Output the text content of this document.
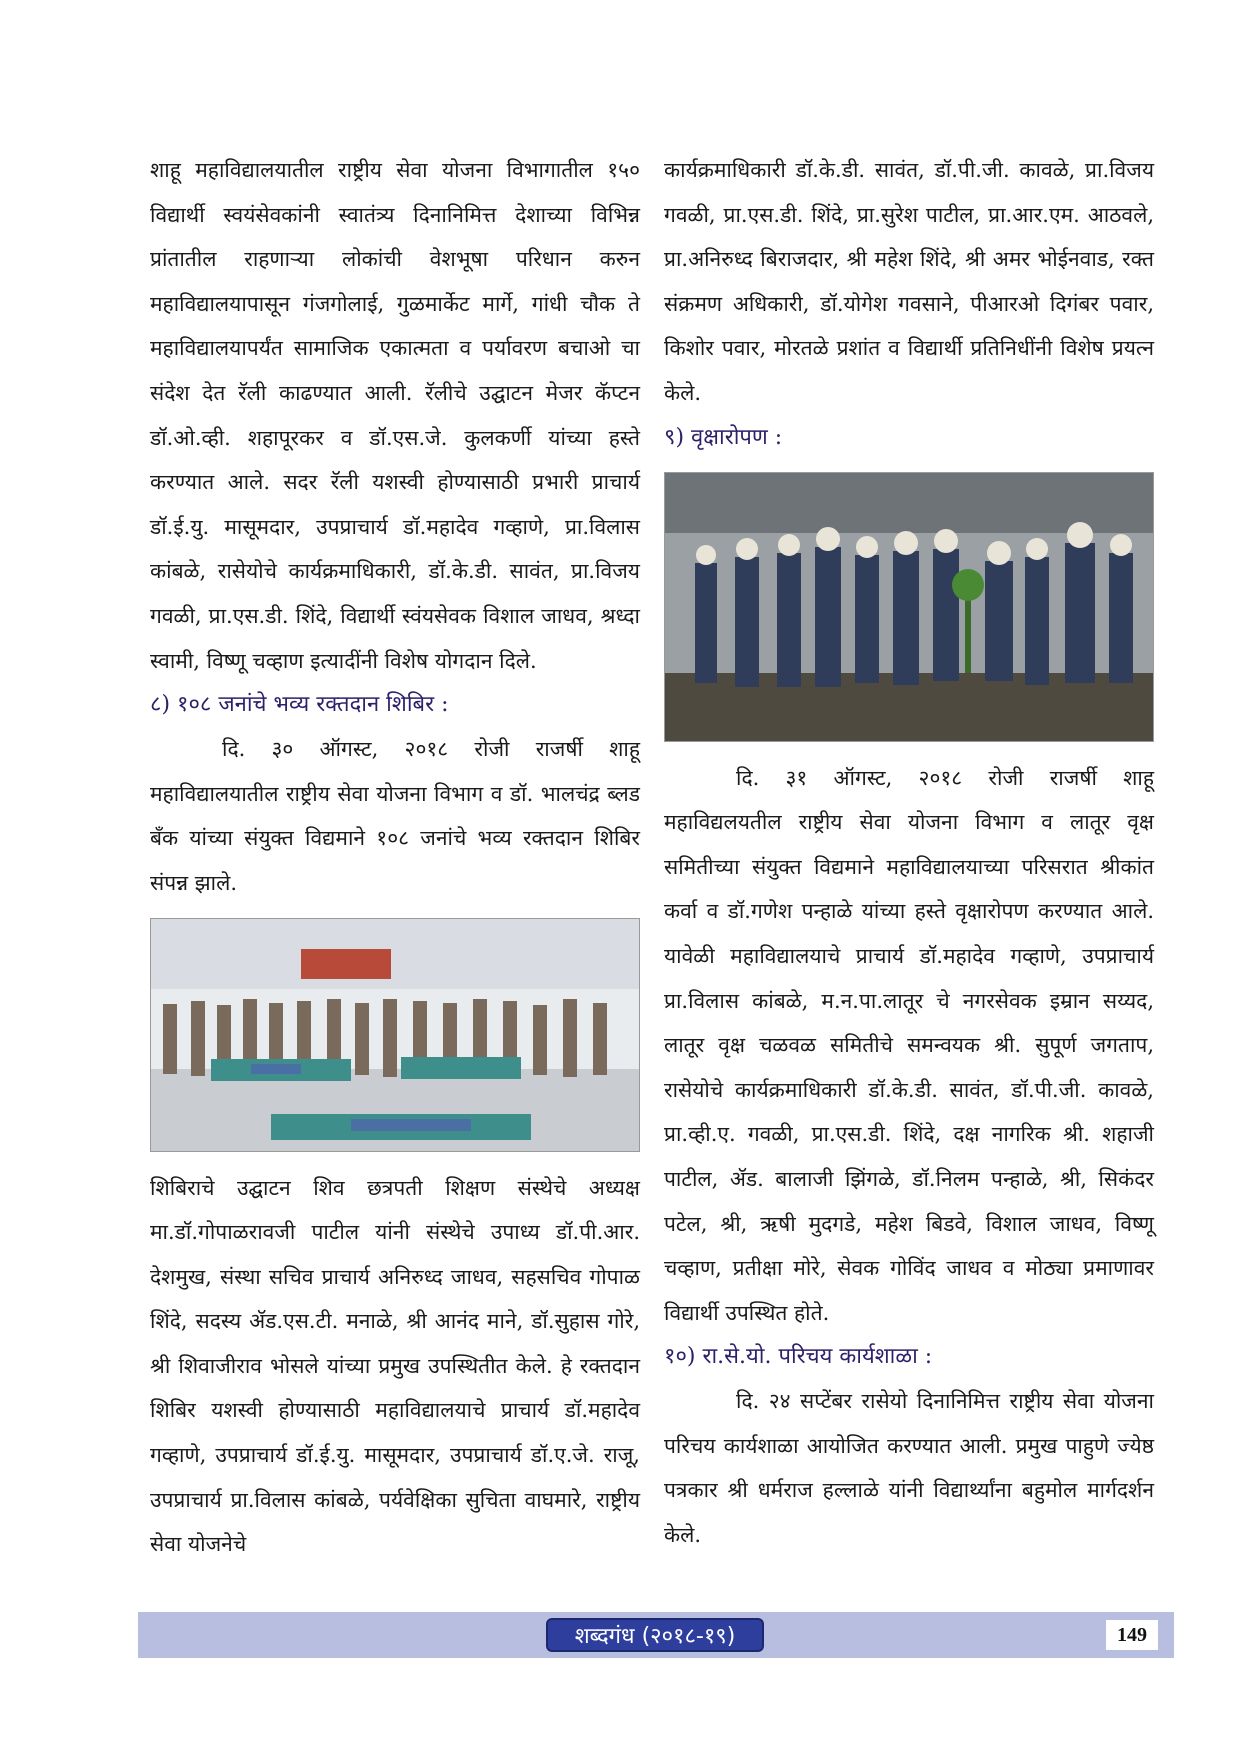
शाहू महाविद्यालयातील राष्ट्रीय सेवा योजना विभागातील १५० विद्यार्थी स्वयंसेवकांनी स्वातंत्र्य दिनानिमित्त देशाच्या विभिन्न प्रांतातील राहणाऱ्या लोकांची वेशभूषा परिधान करुन महाविद्यालयापासून गंजगोलाई, गुळमार्केट मार्गे, गांधी चौक ते महाविद्यालयापर्यंत सामाजिक एकात्मता व पर्यावरण बचाओ चा संदेश देत रॅली काढण्यात आली. रॅलीचे उद्घाटन मेजर कॅप्टन डॉ.ओ.व्ही. शहापूरकर व डॉ.एस.जे. कुलकर्णी यांच्या हस्ते करण्यात आले. सदर रॅली यशस्वी होण्यासाठी प्रभारी प्राचार्य डॉ.ई.यु. मासूमदार, उपप्राचार्य डॉ.महादेव गव्हाणे, प्रा.विलास कांबळे, रासेयोचे कार्यक्रमाधिकारी, डॉ.के.डी. सावंत, प्रा.विजय गवळी, प्रा.एस.डी. शिंदे, विद्यार्थी स्वंयसेवक विशाल जाधव, श्रध्दा स्वामी, विष्णू चव्हाण इत्यादींनी विशेष योगदान दिले.

८) १०८ जनांचे भव्य रक्तदान शिबिर :

दि. ३० ऑगस्ट, २०१८ रोजी राजर्षी शाहू महाविद्यालयातील राष्ट्रीय सेवा योजना विभाग व डॉ. भालचंद्र ब्लड बँक यांच्या संयुक्त विद्यमाने १०८ जनांचे भव्य रक्तदान शिबिर संपन्न झाले.

शिबिराचे उद्घाटन शिव छत्रपती शिक्षण संस्थेचे अध्यक्ष मा.डॉ.गोपाळरावजी पाटील यांनी संस्थेचे उपाध्य डॉ.पी.आर. देशमुख, संस्था सचिव प्राचार्य अनिरुध्द जाधव, सहसचिव गोपाळ शिंदे, सदस्य ॲड.एस.टी. मनाळे, श्री आनंद माने, डॉ.सुहास गोरे, श्री शिवाजीराव भोसले यांच्या प्रमुख उपस्थितीत केले. हे रक्तदान शिबिर यशस्वी होण्यासाठी महाविद्यालयाचे प्राचार्य डॉ.महादेव गव्हाणे, उपप्राचार्य डॉ.ई.यु. मासूमदार, उपप्राचार्य डॉ.ए.जे. राजू, उपप्राचार्य प्रा.विलास कांबळे, पर्यवेक्षिका सुचिता वाघमारे, राष्ट्रीय सेवा योजनेचे

कार्यक्रमाधिकारी डॉ.के.डी. सावंत, डॉ.पी.जी. कावळे, प्रा.विजय गवळी, प्रा.एस.डी. शिंदे, प्रा.सुरेश पाटील, प्रा.आर.एम. आठवले, प्रा.अनिरुध्द बिराजदार, श्री महेश शिंदे, श्री अमर भोईनवाड, रक्त संक्रमण अधिकारी, डॉ.योगेश गवसाने, पीआरओ दिगंबर पवार, किशोर पवार, मोरतळे प्रशांत व विद्यार्थी प्रतिनिधींनी विशेष प्रयत्न केले.

९) वृक्षारोपण :

दि. ३१ ऑगस्ट, २०१८ रोजी राजर्षी शाहू महाविद्यलयतील राष्ट्रीय सेवा योजना विभाग व लातूर वृक्ष समितीच्या संयुक्त विद्यमाने महाविद्यालयाच्या परिसरात श्रीकांत कर्वा व डॉ.गणेश पन्हाळे यांच्या हस्ते वृक्षारोपण करण्यात आले. यावेळी महाविद्यालयाचे प्राचार्य डॉ.महादेव गव्हाणे, उपप्राचार्य प्रा.विलास कांबळे, म.न.पा.लातूर चे नगरसेवक इम्रान सय्यद, लातूर वृक्ष चळवळ समितीचे समन्वयक श्री. सुपूर्ण जगताप, रासेयोचे कार्यक्रमाधिकारी डॉ.के.डी. सावंत, डॉ.पी.जी. कावळे, प्रा.व्ही.ए. गवळी, प्रा.एस.डी. शिंदे, दक्ष नागरिक श्री. शहाजी पाटील, ॲड. बालाजी झिंगळे, डॉ.निलम पन्हाळे, श्री, सिकंदर पटेल, श्री, ऋषी मुदगडे, महेश बिडवे, विशाल जाधव, विष्णू चव्हाण, प्रतीक्षा मोरे, सेवक गोविंद जाधव व मोठ्या प्रमाणावर विद्यार्थी उपस्थित होते.

१०) रा.से.यो. परिचय कार्यशाळा :

दि. २४ सप्टेंबर रासेयो दिनानिमित्त राष्ट्रीय सेवा योजना परिचय कार्यशाळा आयोजित करण्यात आली. प्रमुख पाहुणे ज्येष्ठ पत्रकार श्री धर्मराज हल्लाळे यांनी विद्यार्थ्यांना बहुमोल मार्गदर्शन केले.

शब्दगंध (२०१८-१९)	149
